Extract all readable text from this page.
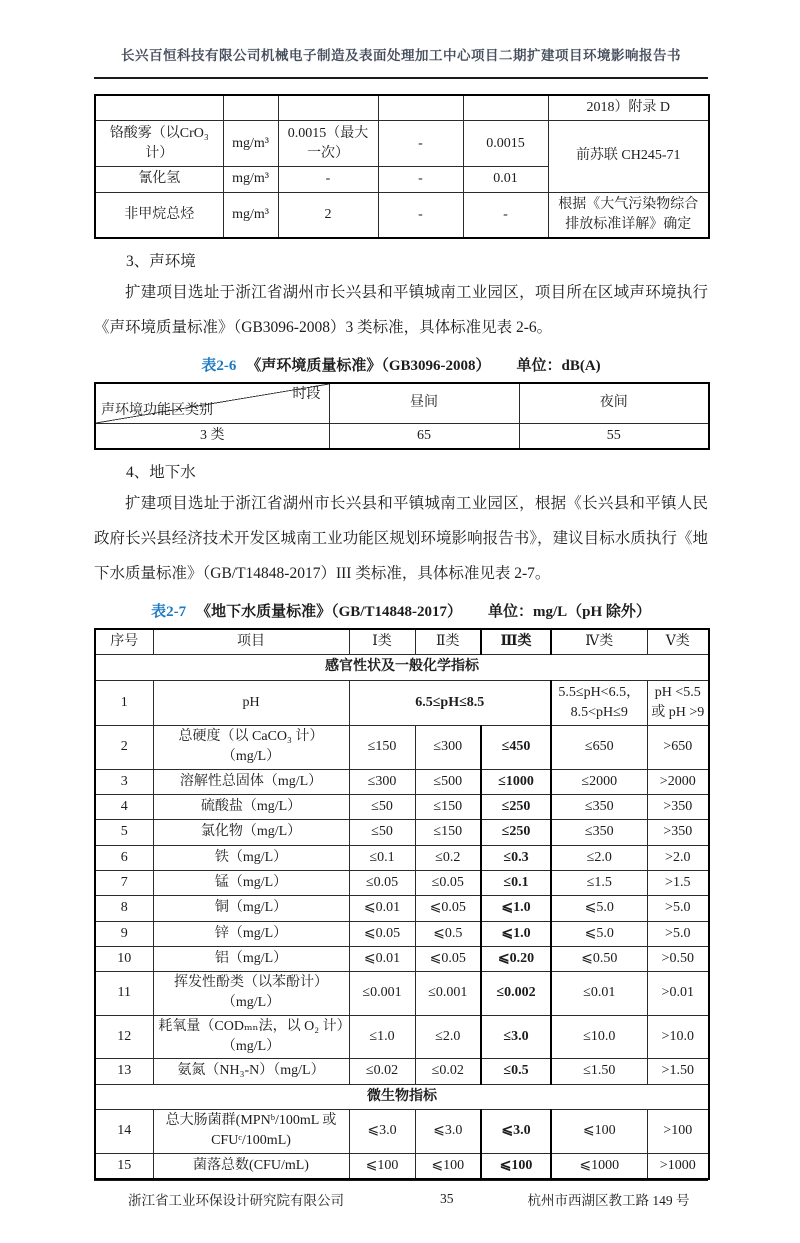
长兴百恒科技有限公司机械电子制造及表面处理加工中心项目二期扩建项目环境影响报告书
					2018）附录 D
铬酸雾（以CrO₃ 计）	mg/m³	0.0015（最大一次）	-	0.0015	前苏联 CH245-71
氰化氢	mg/m³	-	-	0.01	
非甲烷总烃	mg/m³	2	-	-	根据《大气污染物综合排放标准详解》确定
3、声环境

扩建项目选址于浙江省湖州市长兴县和平镇城南工业园区，项目所在区域声环境执行《声环境质量标准》（GB3096-2008）3 类标准，具体标准见表 2-6。

表2-6 《声环境质量标准》（GB3096-2008） 单位：dB(A)
时段
声环境功能区类别	昼间	夜间
3 类	65	55
4、地下水

扩建项目选址于浙江省湖州市长兴县和平镇城南工业园区，根据《长兴县和平镇人民政府长兴县经济技术开发区城南工业功能区规划环境影响报告书》，建议目标水质执行《地下水质量标准》（GB/T14848-2017）III 类标准，具体标准见表 2-7。

表2-7 《地下水质量标准》（GB/T14848-2017） 单位：mg/L（pH 除外）
序号	项目	Ⅰ类	Ⅱ类	Ⅲ类	Ⅳ类	Ⅴ类
感官性状及一般化学指标						
1	pH	6.5≤pH≤8.5			5.5≤pH<6.5，8.5<pH≤9	pH <5.5 或 pH >9
2	总硬度（以 CaCO₃ 计）（mg/L）	≤150	≤300	≤450	≤650	>650
3	溶解性总固体（mg/L）	≤300	≤500	≤1000	≤2000	>2000
4	硫酸盐（mg/L）	≤50	≤150	≤250	≤350	>350
5	氯化物（mg/L）	≤50	≤150	≤250	≤350	>350
6	铁（mg/L）	≤0.1	≤0.2	≤0.3	≤2.0	>2.0
7	锰（mg/L）	≤0.05	≤0.05	≤0.1	≤1.5	>1.5
8	铜（mg/L）	⩽0.01	⩽0.05	⩽1.0	⩽5.0	>5.0
9	锌（mg/L）	⩽0.05	⩽0.5	⩽1.0	⩽5.0	>5.0
10	铝（mg/L）	⩽0.01	⩽0.05	⩽0.20	⩽0.50	>0.50
11	挥发性酚类（以苯酚计）（mg/L）	≤0.001	≤0.001	≤0.002	≤0.01	>0.01
12	耗氧量（CODₘₙ法，以 O₂ 计）（mg/L）	≤1.0	≤2.0	≤3.0	≤10.0	>10.0
13	氨氮（NH₃-N）（mg/L）	≤0.02	≤0.02	≤0.5	≤1.50	>1.50
微生物指标						
14	总大肠菌群(MPNᵇ/100mL 或 CFUᶜ/100mL)	⩽3.0	⩽3.0	⩽3.0	⩽100	>100
15	菌落总数(CFU/mL)	⩽100	⩽100	⩽100	⩽1000	>1000
浙江省工业环保设计研究院有限公司	35	杭州市西湖区教工路 149 号
